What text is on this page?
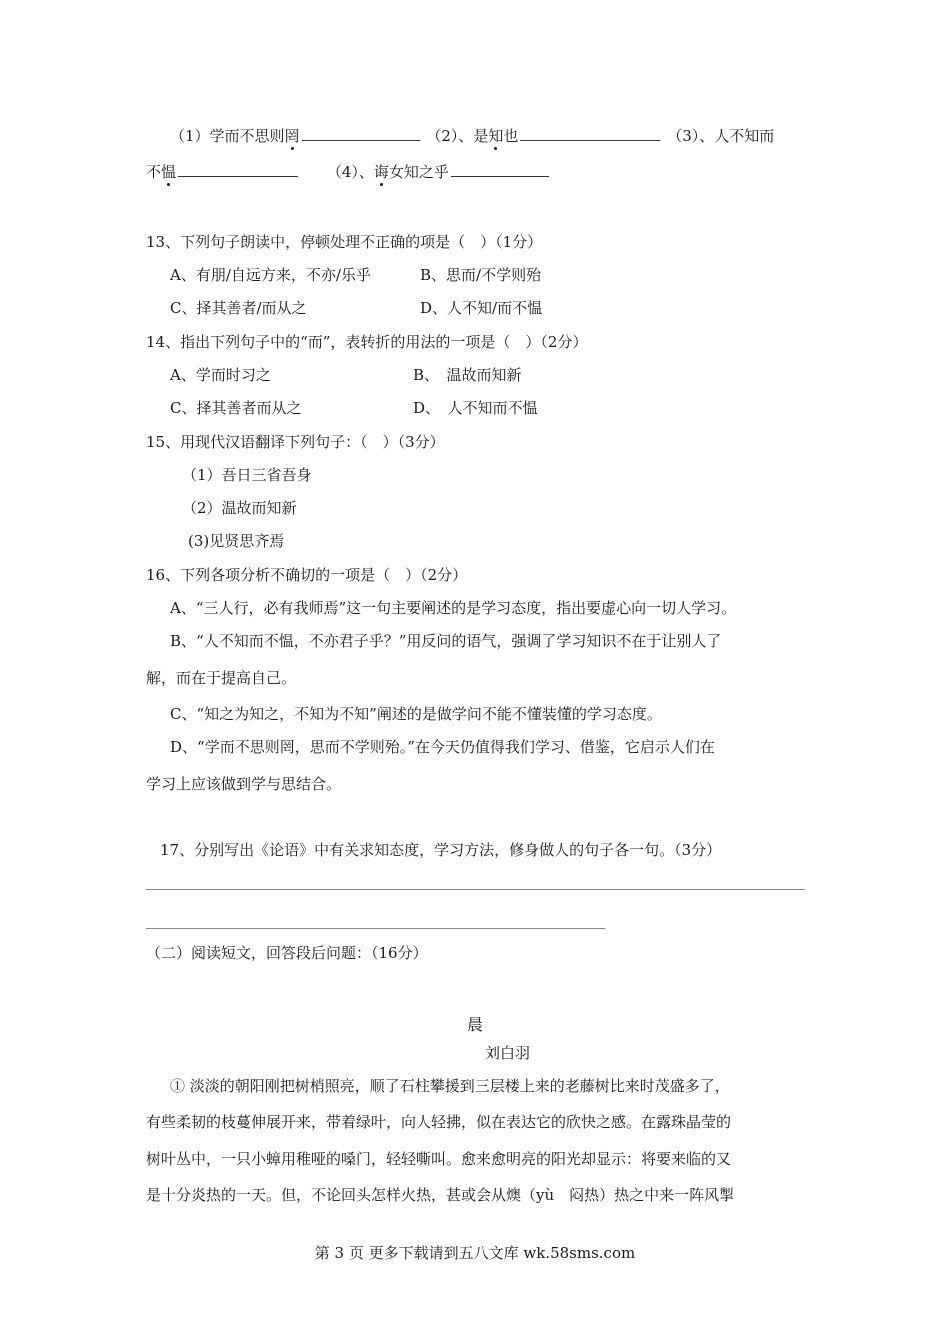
（1）学而不思则罔	（2）、是知也	（3）、人不知而
不愠	（4）、诲女知之乎
13、下列句子朗读中，停顿处理不正确的项是（　）（1分）
A、有朋/自远方来，不亦/乐乎	B、思而/不学则殆
C、择其善者/而从之	D、人不知/而不愠
14、指出下列句子中的“而”，表转折的用法的一项是（　）（2分）
A、学而时习之	B、　温故而知新
C、择其善者而从之	D、　人不知而不愠
15、用现代汉语翻译下列句子：（　）（3分）
（1）吾日三省吾身
（2）温故而知新
(3)见贤思齐焉
16、下列各项分析不确切的一项是（　）（2分）
A、“三人行，必有我师焉”这一句主要阐述的是学习态度，指出要虚心向一切人学习。
B、“人不知而不愠，不亦君子乎？”用反问的语气，强调了学习知识不在于让别人了
解，而在于提高自己。
C、“知之为知之，不知为不知”阐述的是做学问不能不懂装懂的学习态度。
D、“学而不思则罔，思而不学则殆。”在今天仍值得我们学习、借鉴，它启示人们在
学习上应该做到学与思结合。
17、分别写出《论语》中有关求知态度，学习方法，修身做人的句子各一句。（3分）
（二）阅读短文，回答段后问题：（16分）
晨
刘白羽
① 淡淡的朝阳刚把树梢照亮，顺了石柱攀援到三层楼上来的老藤树比来时茂盛多了，
有些柔韧的枝蔓伸展开来，带着绿叶，向人轻拂，似在表达它的欣快之感。在露珠晶莹的
树叶丛中，一只小蟑用稚哑的嗓门，轻轻嘶叫。愈来愈明亮的阳光却显示：将要来临的又
是十分炎热的一天。但，不论回头怎样火热，甚或会从燠（yù　闷热）热之中来一阵风掣
第 3 页 更多下载请到五八文库 wk.58sms.com
